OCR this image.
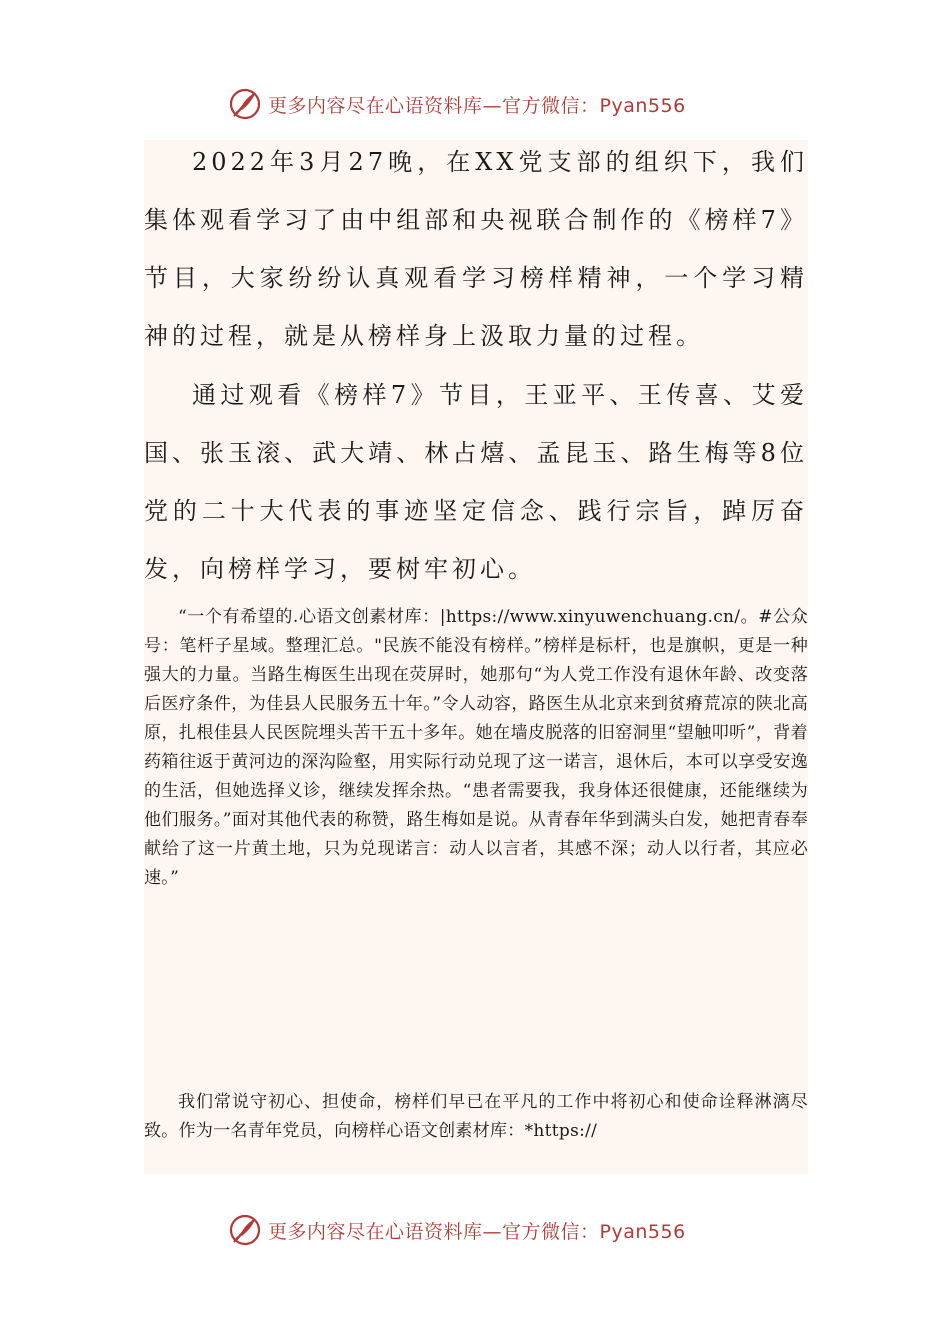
更多内容尽在心语资料库—官方微信：Pyan556

2022年3月27晚，在XX党支部的组织下，我们集体观看学习了由中组部和央视联合制作的《榜样7》节目，大家纷纷认真观看学习榜样精神，一个学习精神的过程，就是从榜样身上汲取力量的过程。

通过观看《榜样7》节目，王亚平、王传喜、艾爱国、张玉滚、武大靖、林占熺、孟昆玉、路生梅等8位党的二十大代表的事迹坚定信念、践行宗旨，踔厉奋发，向榜样学习，要树牢初心。

“一个有希望的.心语文创素材库：|https://www.xinyuwenchuang.cn/。#公众号：笔杆子星域。整理汇总。"民族不能没有榜样。”榜样是标杆，也是旗帜，更是一种强大的力量。当路生梅医生出现在荧屏时，她那句“为人党工作没有退休年龄、改变落后医疗条件，为佳县人民服务五十年。”令人动容，路医生从北京来到贫瘠荒凉的陕北高原，扎根佳县人民医院埋头苦干五十多年。她在墙皮脱落的旧窑洞里“望触叩听”，背着药箱往返于黄河边的深沟险壑，用实际行动兑现了这一诺言，退休后，本可以享受安逸的生活，但她选择义诊，继续发挥余热。“患者需要我，我身体还很健康，还能继续为他们服务。”面对其他代表的称赞，路生梅如是说。从青春年华到满头白发，她把青春奉献给了这一片黄土地，只为兑现诺言：动人以言者，其感不深；动人以行者，其应必速。”

我们常说守初心、担使命，榜样们早已在平凡的工作中将初心和使命诠释淋漓尽致。作为一名青年党员，向榜样心语文创素材库：*https://

更多内容尽在心语资料库—官方微信：Pyan556
